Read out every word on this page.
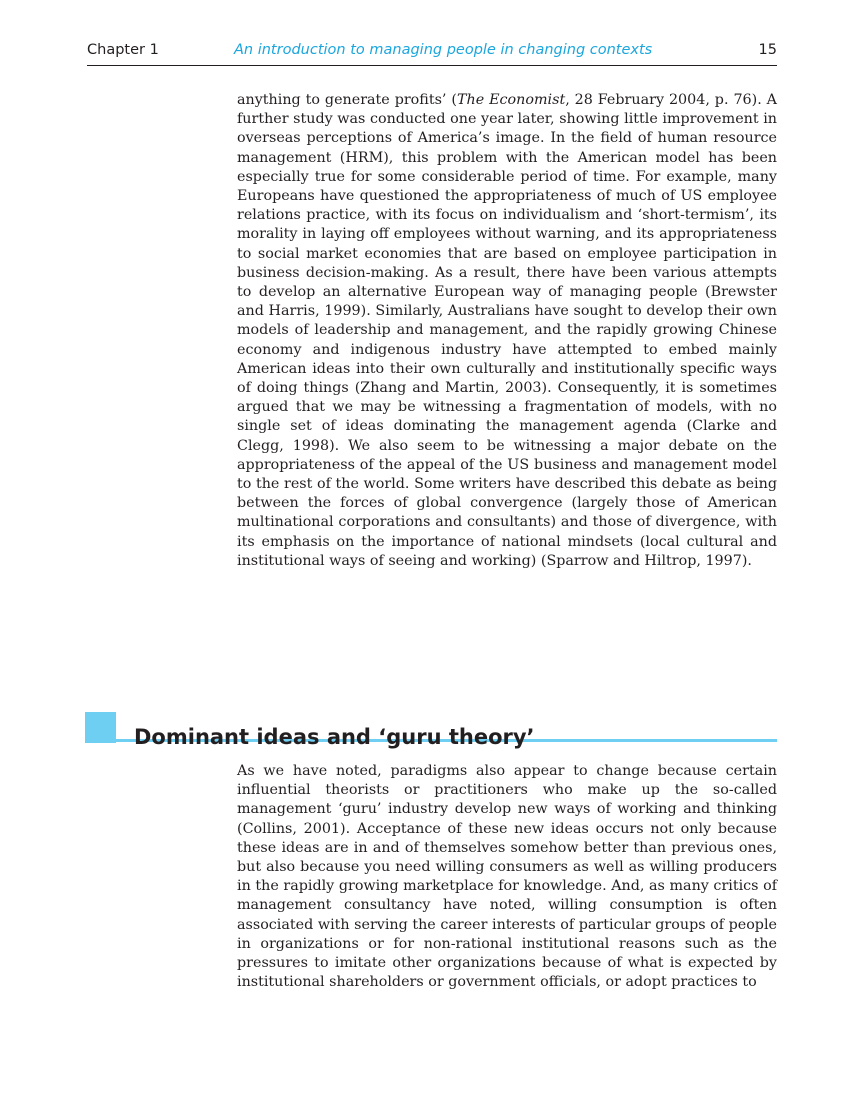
Chapter 1	An introduction to managing people in changing contexts	15

anything to generate profits’ (The Economist, 28 February 2004, p. 76). A further study was conducted one year later, showing little improvement in overseas perceptions of America’s image. In the field of human resource management (HRM), this problem with the American model has been especially true for some considerable period of time. For example, many Europeans have questioned the appropriateness of much of US employee relations practice, with its focus on individualism and ‘short-termism’, its morality in laying off employees without warning, and its appropriateness to social market economies that are based on employee participation in business decision-making. As a result, there have been various attempts to develop an alternative European way of managing people (Brewster and Harris, 1999). Similarly, Australians have sought to develop their own models of leadership and management, and the rapidly growing Chinese economy and indigenous industry have attempted to embed mainly American ideas into their own culturally and institutionally specific ways of doing things (Zhang and Martin, 2003). Consequently, it is sometimes argued that we may be witnessing a fragmentation of models, with no single set of ideas dominating the management agenda (Clarke and Clegg, 1998). We also seem to be witnessing a major debate on the appropriateness of the appeal of the US business and management model to the rest of the world. Some writers have described this debate as being between the forces of global convergence (largely those of American multinational corporations and consultants) and those of divergence, with its emphasis on the importance of national mindsets (local cultural and institutional ways of seeing and working) (Sparrow and Hiltrop, 1997).

Dominant ideas and ‘guru theory’

As we have noted, paradigms also appear to change because certain influential theorists or practitioners who make up the so-called management ‘guru’ industry develop new ways of working and thinking (Collins, 2001). Acceptance of these new ideas occurs not only because these ideas are in and of themselves somehow better than previous ones, but also because you need willing consumers as well as willing producers in the rapidly growing marketplace for knowledge. And, as many critics of management consultancy have noted, willing consumption is often associated with serving the career interests of particular groups of people in organizations or for non-rational institutional reasons such as the pressures to imitate other organizations because of what is expected by institutional shareholders or government officials, or adopt practices to
